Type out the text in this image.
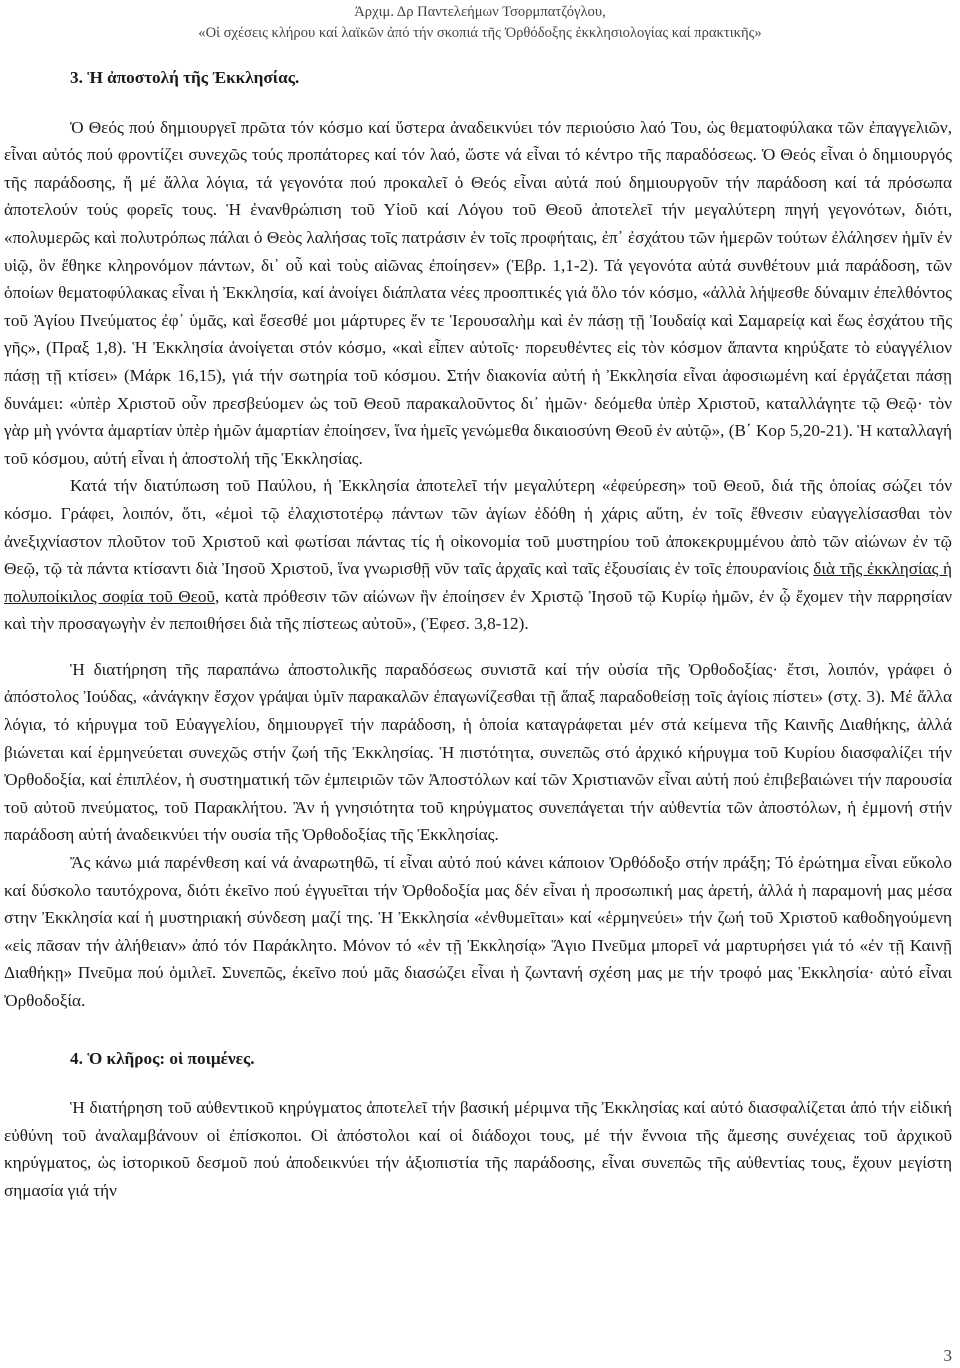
Ἀρχιμ. Δρ Παντελεήμων Τσορμπατζόγλου,
«Οἱ σχέσεις κλήρου καί λαϊκῶν ἀπό τήν σκοπιά τῆς Ὀρθόδοξης ἐκκλησιολογίας καί πρακτικῆς»

3. Ἡ ἀποστολή τῆς Ἐκκλησίας.

Ὁ Θεός πού δημιουργεῖ πρῶτα τόν κόσμο καί ὕστερα ἀναδεικνύει τόν περιούσιο λαό Του, ὡς θεματοφύλακα τῶν ἐπαγγελιῶν, εἶναι αὐτός πού φροντίζει συνεχῶς τούς προπάτορες καί τόν λαό, ὥστε νά εἶναι τό κέντρο τῆς παραδόσεως. Ὁ Θεός εἶναι ὁ δημιουργός τῆς παράδοσης, ἤ μέ ἄλλα λόγια, τά γεγονότα πού προκαλεῖ ὁ Θεός εἶναι αὐτά πού δημιουργοῦν τήν παράδοση καί τά πρόσωπα ἀποτελούν τούς φορεῖς τους. Ἡ ἐνανθρώπιση τοῦ Υἱοῦ καί Λόγου τοῦ Θεοῦ ἀποτελεῖ τήν μεγαλύτερη πηγή γεγονότων, διότι, «πολυμερῶς καὶ πολυτρόπως πάλαι ὁ Θεὸς λαλήσας τοῖς πατράσιν ἐν τοῖς προφήταις, ἐπ᾿ ἐσχάτου τῶν ἡμερῶν τούτων ἐλάλησεν ἡμῖν ἐν υἱῷ, ὃν ἔθηκε κληρονόμον πάντων, δι᾿ οὗ καὶ τοὺς αἰῶνας ἐποίησεν» (Ἑβρ. 1,1-2). Τά γεγονότα αὐτά συνθέτουν μιά παράδοση, τῶν ὁποίων θεματοφύλακας εἶναι ἡ Ἐκκλησία, καί ἀνοίγει διάπλατα νέες προοπτικές γιά ὅλο τόν κόσμο, «ἀλλὰ λήψεσθε δύναμιν ἐπελθόντος τοῦ Ἁγίου Πνεύματος ἐφ᾿ ὑμᾶς, καὶ ἔσεσθέ μοι μάρτυρες ἔν τε Ἱερουσαλὴμ καὶ ἐν πάσῃ τῇ Ἰουδαίᾳ καὶ Σαμαρείᾳ καὶ ἕως ἐσχάτου τῆς γῆς», (Πραξ 1,8). Ἡ Ἐκκλησία ἀνοίγεται στόν κόσμο, «καὶ εἶπεν αὐτοῖς· πορευθέντες εἰς τὸν κόσμον ἅπαντα κηρύξατε τὸ εὐαγγέλιον πάσῃ τῇ κτίσει» (Μάρκ 16,15), γιά τήν σωτηρία τοῦ κόσμου. Στήν διακονία αὐτή ἡ Ἐκκλησία εἶναι ἀφοσιωμένη καί ἐργάζεται πάσῃ δυνάμει: «ὑπὲρ Χριστοῦ οὖν πρεσβεύομεν ὡς τοῦ Θεοῦ παρακαλοῦντος δι᾿ ἡμῶν· δεόμεθα ὑπὲρ Χριστοῦ, καταλλάγητε τῷ Θεῷ· τὸν γὰρ μὴ γνόντα ἁμαρτίαν ὑπὲρ ἡμῶν ἁμαρτίαν ἐποίησεν, ἵνα ἡμεῖς γενώμεθα δικαιοσύνη Θεοῦ ἐν αὐτῷ», (Β΄ Κορ 5,20-21). Ἡ καταλλαγή τοῦ κόσμου, αὐτή εἶναι ἡ ἀποστολή τῆς Ἐκκλησίας.

Κατά τήν διατύπωση τοῦ Παύλου, ἡ Ἐκκλησία ἀποτελεῖ τήν μεγαλύτερη «ἐφεύρεση» τοῦ Θεοῦ, διά τῆς ὁποίας σώζει τόν κόσμο. Γράφει, λοιπόν, ὅτι, «ἐμοὶ τῷ ἐλαχιστοτέρῳ πάντων τῶν ἁγίων ἐδόθη ἡ χάρις αὕτη, ἐν τοῖς ἔθνεσιν εὐαγγελίσασθαι τὸν ἀνεξιχνίαστον πλοῦτον τοῦ Χριστοῦ καὶ φωτίσαι πάντας τίς ἡ οἰκονομία τοῦ μυστηρίου τοῦ ἀποκεκρυμμένου ἀπὸ τῶν αἰώνων ἐν τῷ Θεῷ, τῷ τὰ πάντα κτίσαντι διὰ Ἰησοῦ Χριστοῦ, ἵνα γνωρισθῇ νῦν ταῖς ἀρχαῖς καὶ ταῖς ἐξουσίαις ἐν τοῖς ἐπουρανίοις διὰ τῆς ἐκκλησίας ἡ πολυποίκιλος σοφία τοῦ Θεοῦ, κατὰ πρόθεσιν τῶν αἰώνων ἣν ἐποίησεν ἐν Χριστῷ Ἰησοῦ τῷ Κυρίῳ ἡμῶν, ἐν ᾧ ἔχομεν τὴν παρρησίαν καὶ τὴν προσαγωγὴν ἐν πεποιθήσει διὰ τῆς πίστεως αὐτοῦ», (Ἐφεσ. 3,8-12).

Ἡ διατήρηση τῆς παραπάνω ἀποστολικῆς παραδόσεως συνιστᾶ καί τήν οὐσία τῆς Ὀρθοδοξίας· ἔτσι, λοιπόν, γράφει ὁ ἀπόστολος Ἰούδας, «ἀνάγκην ἔσχον γράψαι ὑμῖν παρακαλῶν ἐπαγωνίζεσθαι τῇ ἅπαξ παραδοθείσῃ τοῖς ἁγίοις πίστει» (στχ. 3). Μέ ἄλλα λόγια, τό κήρυγμα τοῦ Εὐαγγελίου, δημιουργεῖ τήν παράδοση, ἡ ὁποία καταγράφεται μέν στά κείμενα τῆς Καινῆς Διαθήκης, ἀλλά βιώνεται καί ἑρμηνεύεται συνεχῶς στήν ζωή τῆς Ἐκκλησίας. Ἡ πιστότητα, συνεπῶς στό ἀρχικό κήρυγμα τοῦ Κυρίου διασφαλίζει τήν Ὀρθοδοξία, καί ἐπιπλέον, ἡ συστηματική τῶν ἐμπειριῶν τῶν Ἀποστόλων καί τῶν Χριστιανῶν εἶναι αὐτή πού ἐπιβεβαιώνει τήν παρουσία τοῦ αὐτοῦ πνεύματος, τοῦ Παρακλήτου. Ἂν ἡ γνησιότητα τοῦ κηρύγματος συνεπάγεται τήν αὐθεντία τῶν ἀποστόλων, ἡ ἐμμονή στήν παράδοση αὐτή ἀναδεικνύει τήν ουσία τῆς Ὀρθοδοξίας τῆς Ἐκκλησίας.

Ἄς κάνω μιά παρένθεση καί νά ἀναρωτηθῶ, τί εἶναι αὐτό πού κάνει κάποιον Ὀρθόδοξο στήν πράξη; Τό ἐρώτημα εἶναι εὔκολο καί δύσκολο ταυτόχρονα, διότι ἐκεῖνο πού ἐγγυεῖται τήν Ὀρθοδοξία μας δέν εἶναι ἡ προσωπική μας ἀρετή, ἀλλά ἡ παραμονή μας μέσα στην Ἐκκλησία καί ἡ μυστηριακή σύνδεση μαζί της. Ἡ Ἐκκλησία «ἐνθυμεῖται» καί «ἑρμηνεύει» τήν ζωή τοῦ Χριστοῦ καθοδηγούμενη «εἰς πᾶσαν τήν ἀλήθειαν» ἀπό τόν Παράκλητο. Μόνον τό «ἐν τῇ Ἐκκλησίᾳ» Ἅγιο Πνεῦμα μπορεῖ νά μαρτυρήσει γιά τό «ἐν τῇ Καινῇ Διαθήκῃ» Πνεῦμα πού ὁμιλεῖ. Συνεπῶς, ἐκεῖνο πού μᾶς διασώζει εἶναι ἡ ζωντανή σχέση μας με τήν τροφό μας Ἐκκλησία· αὐτό εἶναι Ὀρθοδοξία.

4. Ὁ κλῆρος: οἱ ποιμένες.

Ἡ διατήρηση τοῦ αὐθεντικοῦ κηρύγματος ἀποτελεῖ τήν βασική μέριμνα τῆς Ἐκκλησίας καί αὐτό διασφαλίζεται ἀπό τήν εἰδική εὐθύνη τοῦ ἀναλαμβάνουν οἱ ἐπίσκοποι. Οἱ ἀπόστολοι καί οἱ διάδοχοι τους, μέ τήν ἔννοια τῆς ἄμεσης συνέχειας τοῦ ἀρχικοῦ κηρύγματος, ὡς ἱστορικοῦ δεσμοῦ πού ἀποδεικνύει τήν ἀξιοπιστία τῆς παράδοσης, εἶναι συνεπῶς τῆς αὐθεντίας τους, ἔχουν μεγίστη σημασία γιά τήν

3
